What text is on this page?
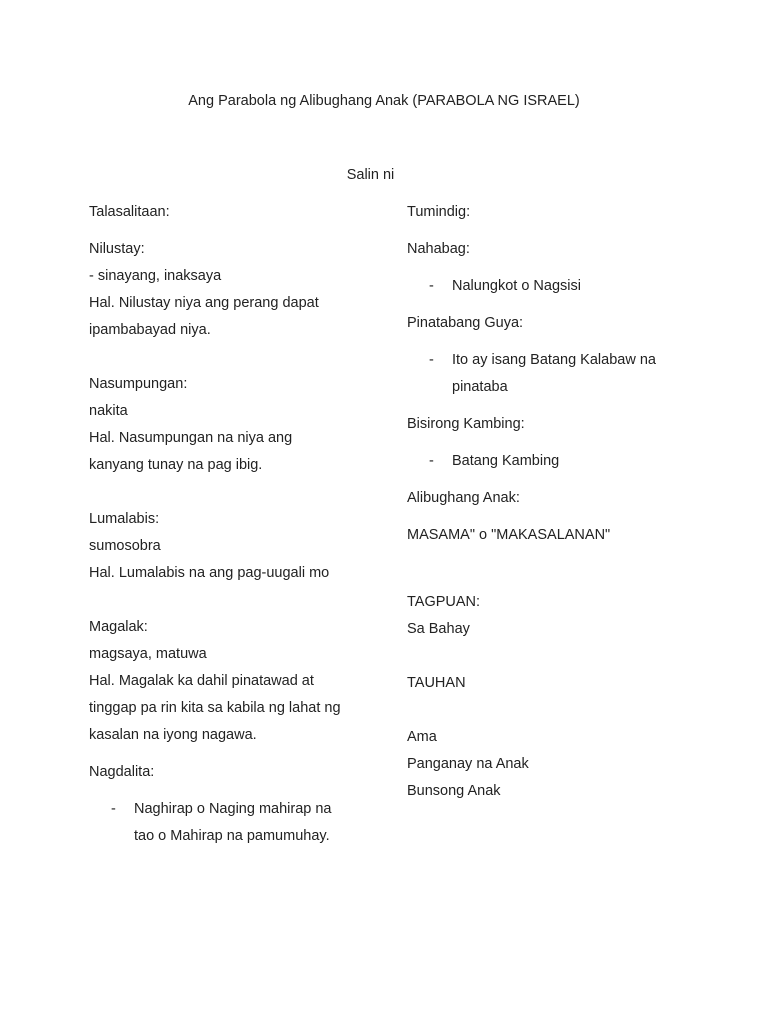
Ang Parabola ng Alibughang Anak (PARABOLA NG ISRAEL)
Salin ni
Talasalitaan:
Nilustay:
- sinayang, inaksaya
Hal. Nilustay niya ang perang dapat
ipambabayad niya.

Nasumpungan:
nakita
Hal. Nasumpungan na niya ang
kanyang tunay na pag ibig.

Lumalabis:
sumosobra
Hal. Lumalabis na ang pag-uugali mo

Magalak:
magsaya, matuwa
Hal. Magalak ka dahil pinatawad at
tinggap pa rin kita sa kabila ng lahat ng
kasalan na iyong nagawa.
Nagdalita:
- Naghirap o Naging mahirap na
tao o Mahirap na pamumuhay.
Tumindig:
Nahabag:
- Nalungkot o Nagsisi
Pinatabang Guya:
- Ito ay isang Batang Kalabaw na
pinataba
Bisirong Kambing:
- Batang Kambing
Alibughang Anak:
MASAMA" o "MAKASALANAN"

TAGPUAN:
Sa Bahay

TAUHAN

Ama
Panganay na Anak
Bunsong Anak
